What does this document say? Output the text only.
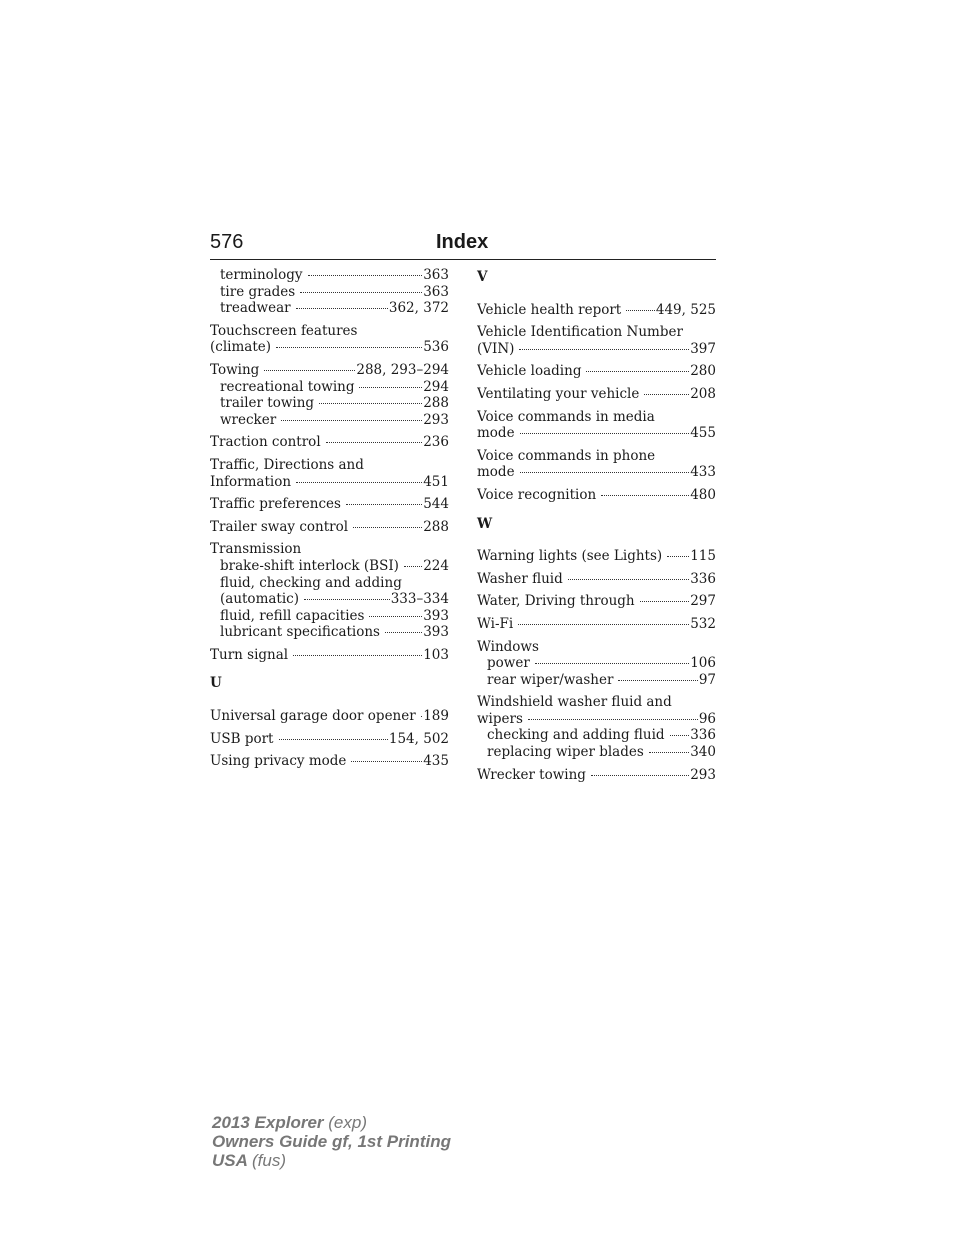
576	Index
terminology	363
tire grades	363
treadwear	362, 372
Touchscreen features
(climate)	536
Towing	288, 293–294
recreational towing	294
trailer towing	288
wrecker	293
Traction control	236
Traffic, Directions and
Information	451
Traffic preferences	544
Trailer sway control	288
Transmission
brake-shift interlock (BSI) 224
fluid, checking and adding
(automatic)	333–334
fluid, refill capacities	393
lubricant specifications	393
Turn signal	103
U
Universal garage door opener 189
USB port	154, 502
Using privacy mode	435
V
Vehicle health report	449, 525
Vehicle Identification Number
(VIN)	397
Vehicle loading	280
Ventilating your vehicle	208
Voice commands in media
mode	455
Voice commands in phone
mode	433
Voice recognition	480
W
Warning lights (see Lights) 115
Washer fluid	336
Water, Driving through	297
Wi-Fi	532
Windows
power	106
rear wiper/washer	97
Windshield washer fluid and
wipers	96
checking and adding fluid 336
replacing wiper blades	340
Wrecker towing	293
2013 Explorer (exp)
Owners Guide gf, 1st Printing
USA (fus)
